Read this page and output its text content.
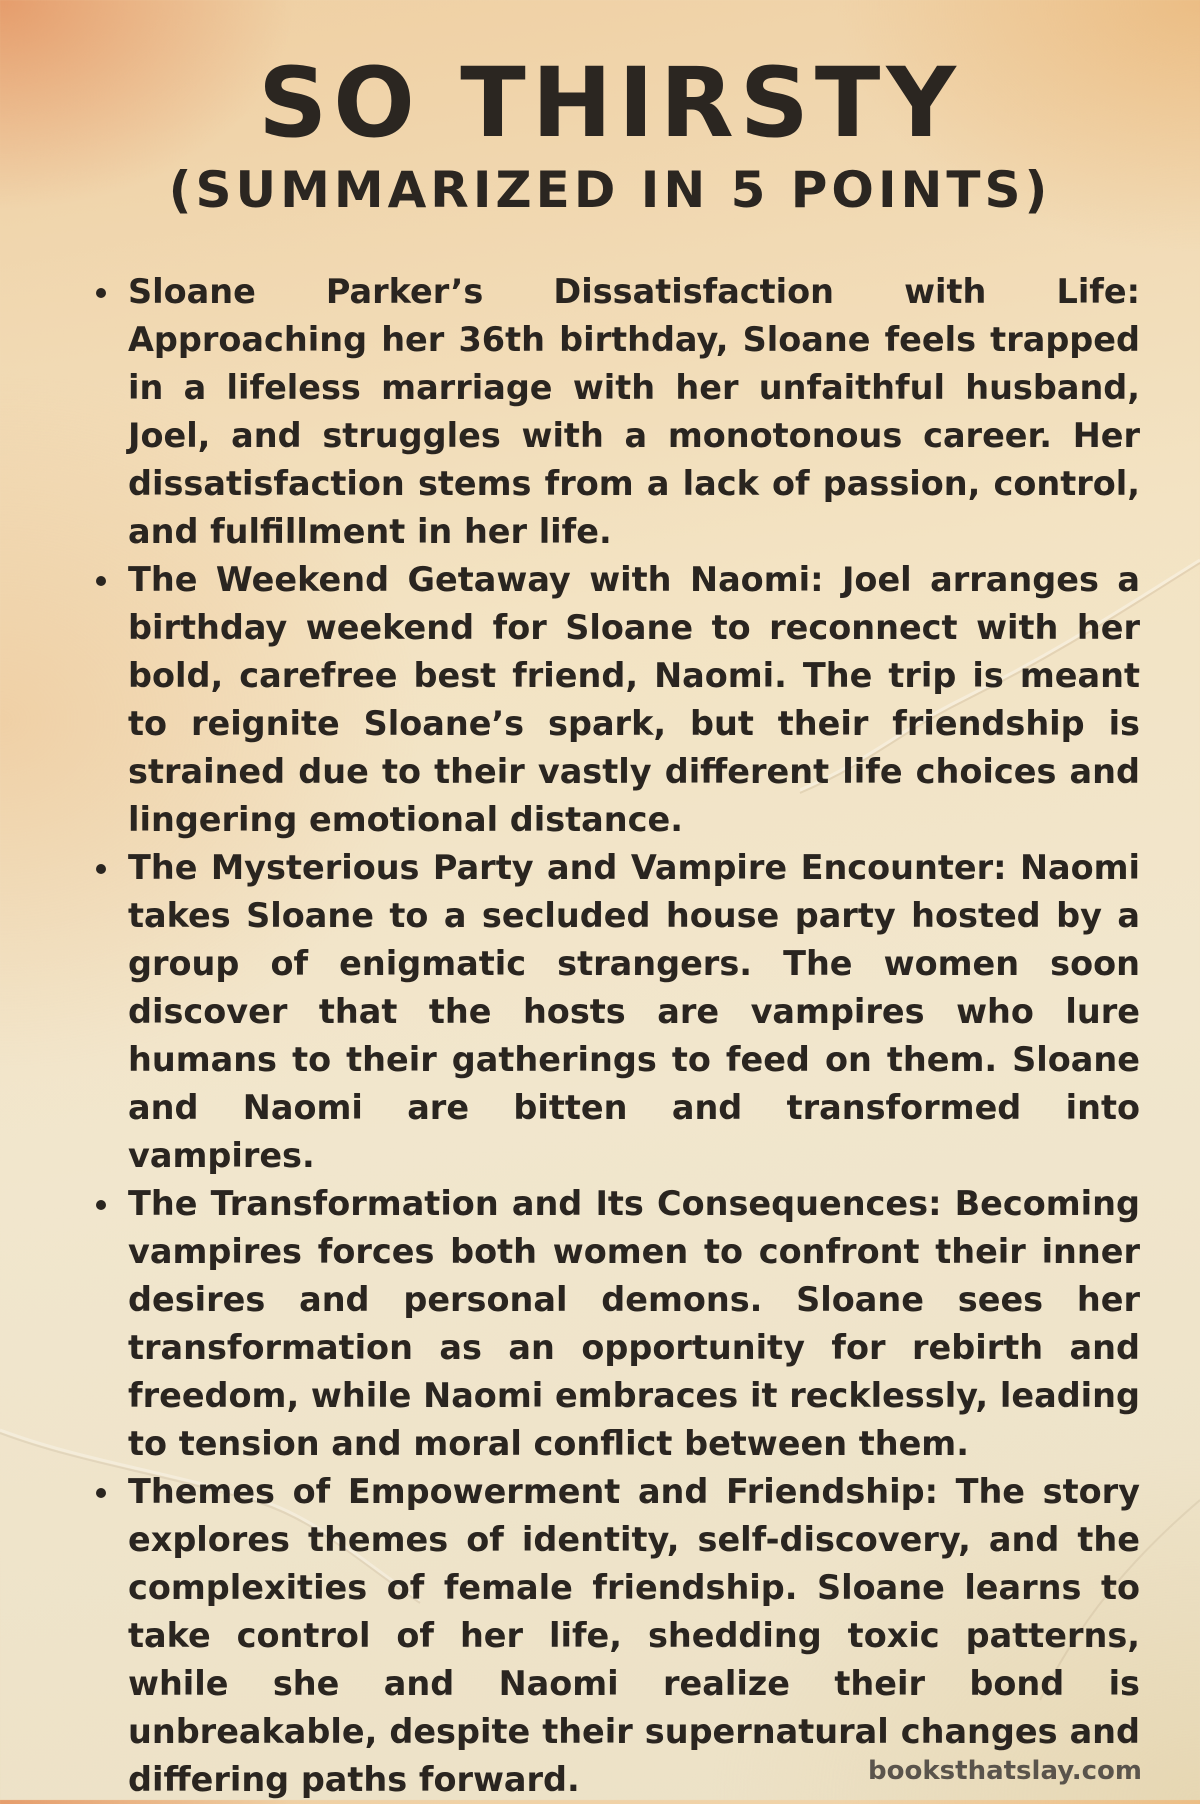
SO THIRSTY
(SUMMARIZED IN 5 POINTS)
Sloane Parker’s Dissatisfaction with Life: Approaching her 36th birthday, Sloane feels trapped in a lifeless marriage with her unfaithful husband, Joel, and struggles with a monotonous career. Her dissatisfaction stems from a lack of passion, control, and fulfillment in her life.
The Weekend Getaway with Naomi: Joel arranges a birthday weekend for Sloane to reconnect with her bold, carefree best friend, Naomi. The trip is meant to reignite Sloane’s spark, but their friendship is strained due to their vastly different life choices and lingering emotional distance.
The Mysterious Party and Vampire Encounter: Naomi takes Sloane to a secluded house party hosted by a group of enigmatic strangers. The women soon discover that the hosts are vampires who lure humans to their gatherings to feed on them. Sloane and Naomi are bitten and transformed into vampires.
The Transformation and Its Consequences: Becoming vampires forces both women to confront their inner desires and personal demons. Sloane sees her transformation as an opportunity for rebirth and freedom, while Naomi embraces it recklessly, leading to tension and moral conflict between them.
Themes of Empowerment and Friendship: The story explores themes of identity, self-discovery, and the complexities of female friendship. Sloane learns to take control of her life, shedding toxic patterns, while she and Naomi realize their bond is unbreakable, despite their supernatural changes and differing paths forward.	booksthatslay.com
